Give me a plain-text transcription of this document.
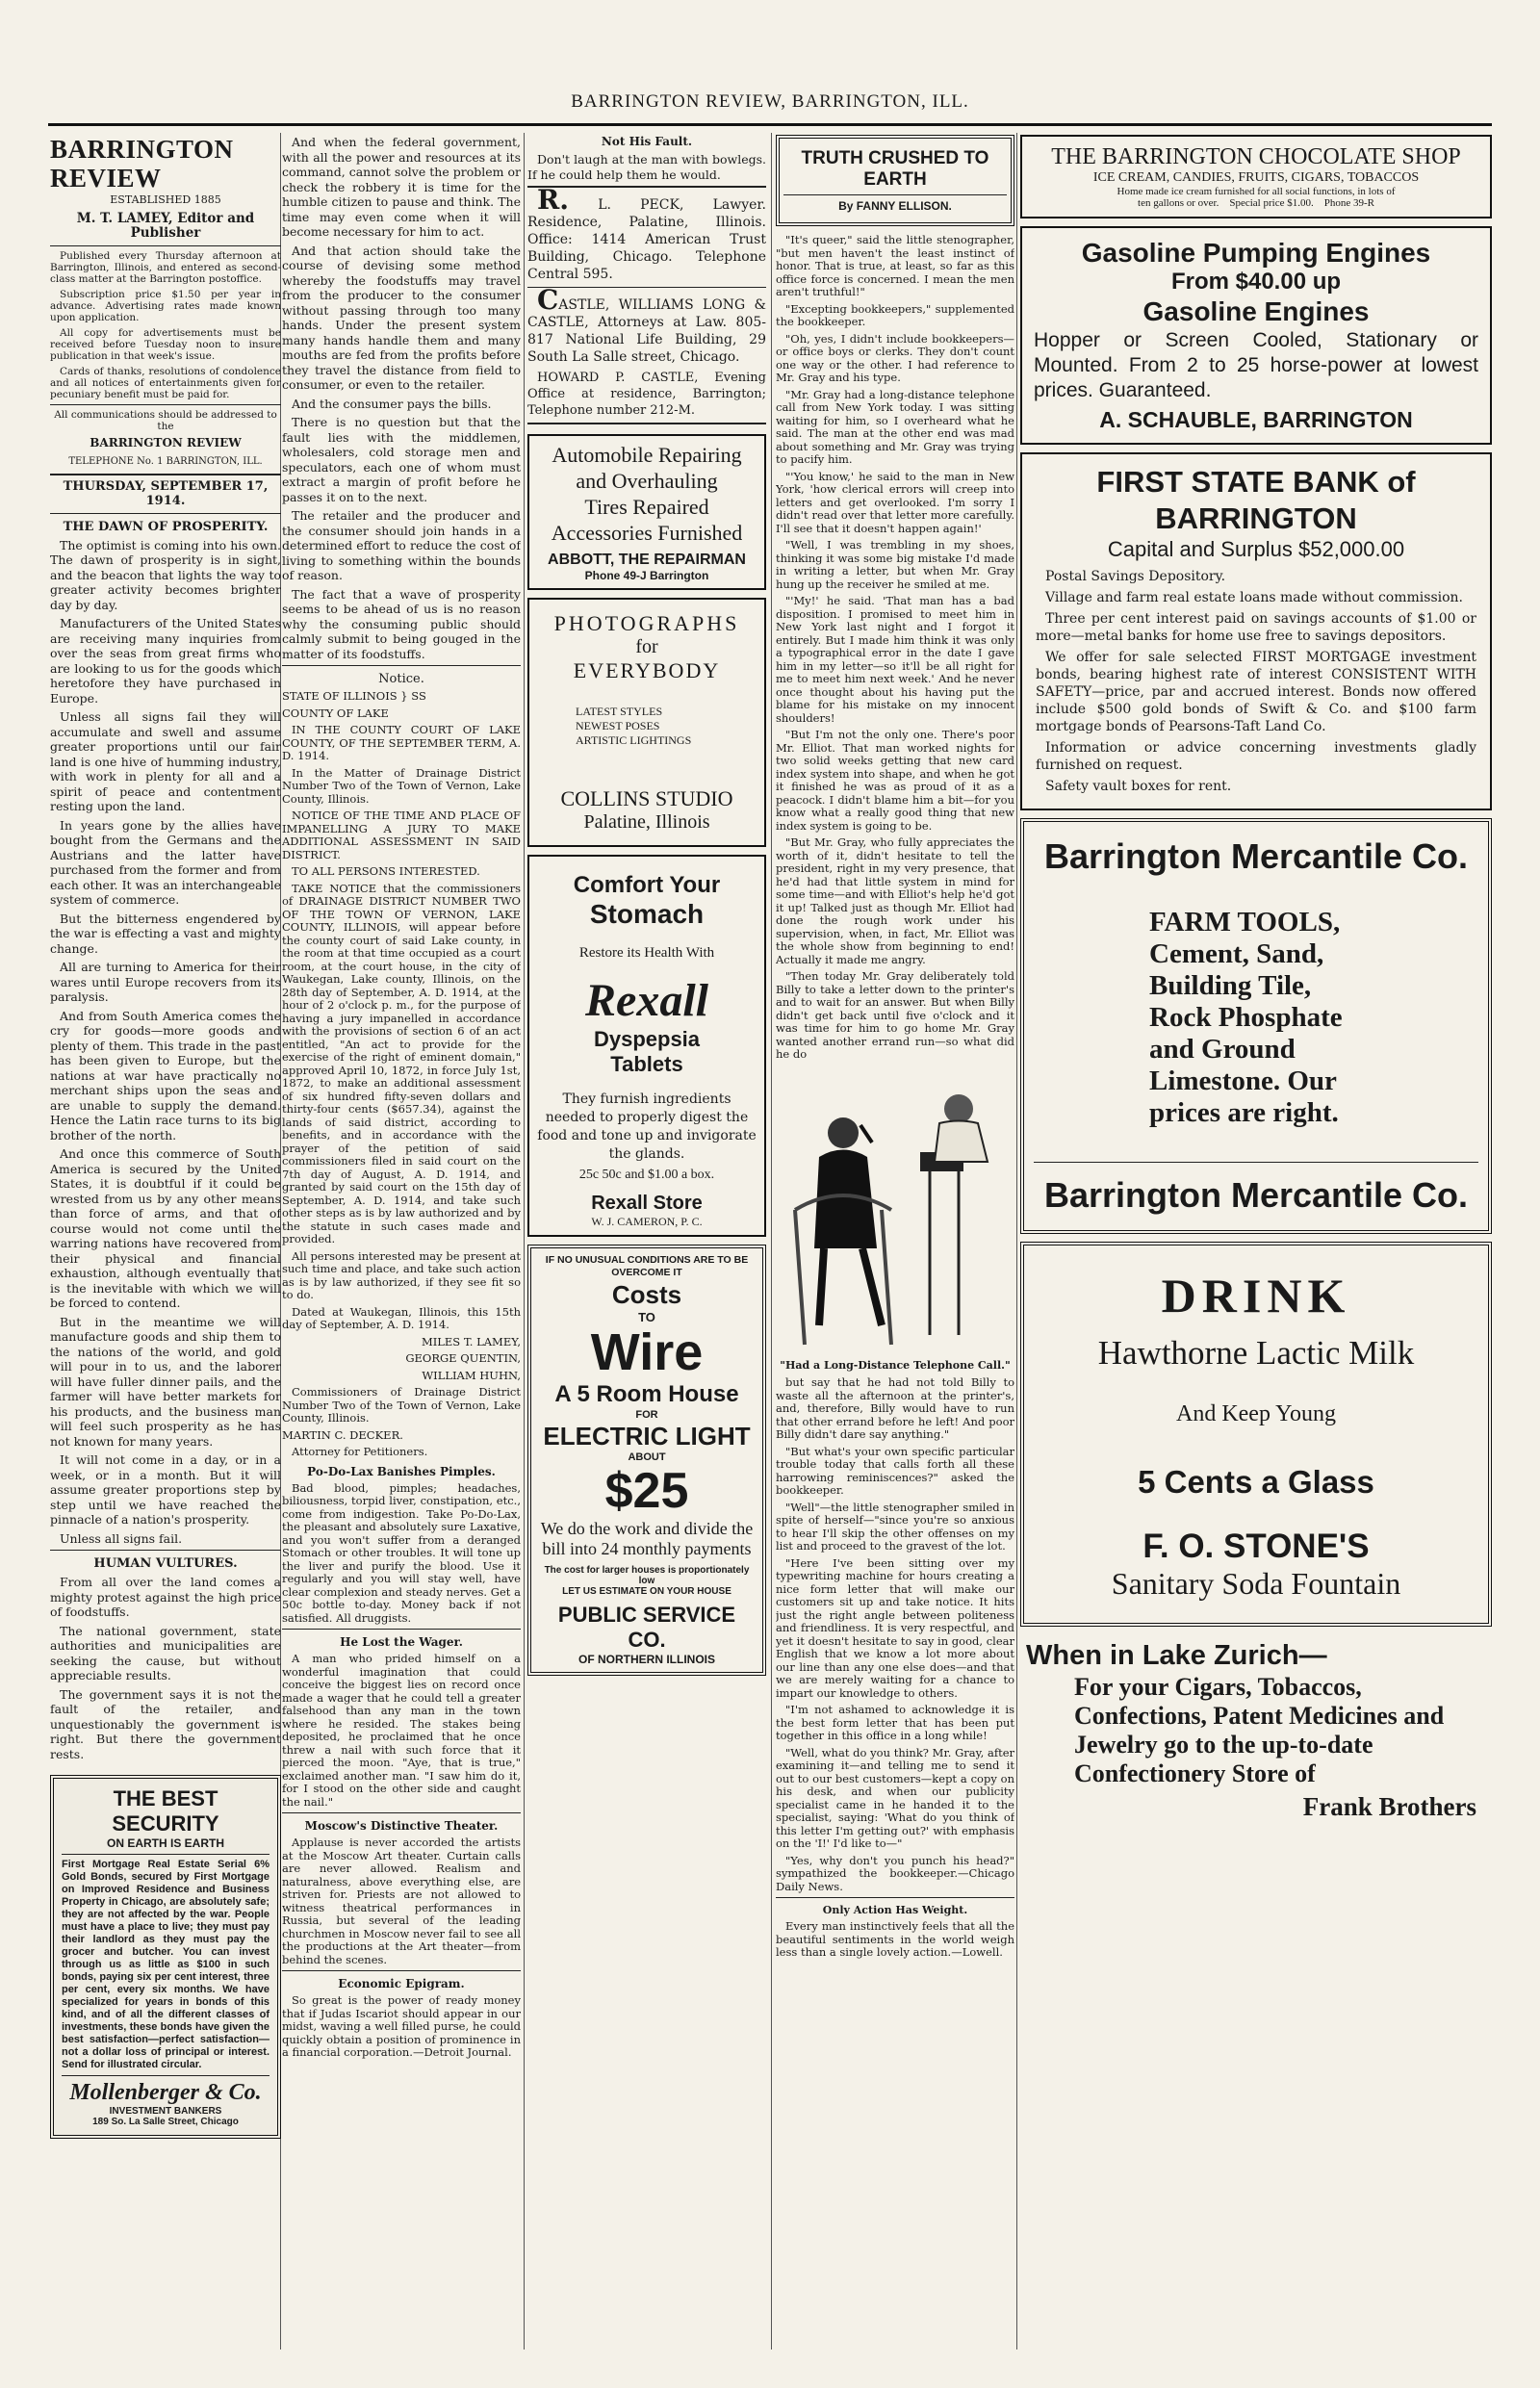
BARRINGTON REVIEW, BARRINGTON, ILL.
BARRINGTON REVIEW

ESTABLISHED 1885

M. T. LAMEY, Editor and Publisher

Published every Thursday afternoon at Barrington, Illinois, and entered as second-class matter at the Barrington postoffice.

Subscription price $1.50 per year in advance. Advertising rates made known upon application.

All copy for advertisements must be received before Tuesday noon to insure publication in that week's issue.

Cards of thanks, resolutions of condolence and all notices of entertainments given for pecuniary benefit must be paid for.

All communications should be addressed to the

BARRINGTON REVIEW

TELEPHONE No. 1 BARRINGTON, ILL.

THURSDAY, SEPTEMBER 17, 1914.

THE DAWN OF PROSPERITY.

The optimist is coming into his own. The dawn of prosperity is in sight, and the beacon that lights the way to greater activity becomes brighter day by day.

Manufacturers of the United States are receiving many inquiries from over the seas from great firms who are looking to us for the goods which heretofore they have purchased in Europe.

Unless all signs fail they will accumulate and swell and assume greater proportions until our fair land is one hive of humming industry, with work in plenty for all and a spirit of peace and contentment resting upon the land.

In years gone by the allies have bought from the Germans and the Austrians and the latter have purchased from the former and from each other. It was an interchangeable system of commerce.

But the bitterness engendered by the war is effecting a vast and mighty change.

All are turning to America for their wares until Europe recovers from its paralysis.

And from South America comes the cry for goods—more goods and plenty of them. This trade in the past has been given to Europe, but the nations at war have practically no merchant ships upon the seas and are unable to supply the demand. Hence the Latin race turns to its big brother of the north.

And once this commerce of South America is secured by the United States, it is doubtful if it could be wrested from us by any other means than force of arms, and that of course would not come until the warring nations have recovered from their physical and financial exhaustion, although eventually that is the inevitable with which we will be forced to contend.

But in the meantime we will manufacture goods and ship them to the nations of the world, and gold will pour in to us, and the laborer will have fuller dinner pails, and the farmer will have better markets for his products, and the business man will feel such prosperity as he has not known for many years.

It will not come in a day, or in a week, or in a month. But it will assume greater proportions step by step until we have reached the pinnacle of a nation's prosperity.

Unless all signs fail.

HUMAN VULTURES.

From all over the land comes a mighty protest against the high price of foodstuffs.

The national government, state authorities and municipalities are seeking the cause, but without appreciable results.

The government says it is not the fault of the retailer, and unquestionably the government is right. But there the government rests.

THE BEST SECURITY
ON EARTH IS EARTH

First Mortgage Real Estate Serial 6% Gold Bonds, secured by First Mortgage on Improved Residence and Business Property in Chicago, are absolutely safe; they are not affected by the war. People must have a place to live; they must pay their landlord as they must pay the grocer and butcher. You can invest through us as little as $100 in such bonds, paying six per cent interest, three per cent, every six months. We have specialized for years in bonds of this kind, and of all the different classes of investments, these bonds have given the best satisfaction—perfect satisfaction—not a dollar loss of principal or interest. Send for illustrated circular.

Mollenberger & Co.
INVESTMENT BANKERS
189 So. La Salle Street, Chicago

And when the federal government, with all the power and resources at its command, cannot solve the problem or check the robbery it is time for the humble citizen to pause and think. The time may even come when it will become necessary for him to act.

And that action should take the course of devising some method whereby the foodstuffs may travel from the producer to the consumer without passing through too many hands. Under the present system many hands handle them and many mouths are fed from the profits before they travel the distance from field to consumer, or even to the retailer.

And the consumer pays the bills.

There is no question but that the fault lies with the middlemen, wholesalers, cold storage men and speculators, each one of whom must extract a margin of profit before he passes it on to the next.

The retailer and the producer and the consumer should join hands in a determined effort to reduce the cost of living to something within the bounds of reason.

The fact that a wave of prosperity seems to be ahead of us is no reason why the consuming public should calmly submit to being gouged in the matter of its foodstuffs.

Notice.

STATE OF ILLINOIS } SS

COUNTY OF LAKE

IN THE COUNTY COURT OF LAKE COUNTY, OF THE SEPTEMBER TERM, A. D. 1914.

In the Matter of Drainage District Number Two of the Town of Vernon, Lake County, Illinois.

NOTICE OF THE TIME AND PLACE OF IMPANELLING A JURY TO MAKE ADDITIONAL ASSESSMENT IN SAID DISTRICT.

TO ALL PERSONS INTERESTED.

TAKE NOTICE that the commissioners of DRAINAGE DISTRICT NUMBER TWO OF THE TOWN OF VERNON, LAKE COUNTY, ILLINOIS, will appear before the county court of said Lake county, in the room at that time occupied as a court room, at the court house, in the city of Waukegan, Lake county, Illinois, on the 28th day of September, A. D. 1914, at the hour of 2 o'clock p. m., for the purpose of having a jury impanelled in accordance with the provisions of section 6 of an act entitled, "An act to provide for the exercise of the right of eminent domain," approved April 10, 1872, in force July 1st, 1872, to make an additional assessment of six hundred fifty-seven dollars and thirty-four cents ($657.34), against the lands of said district, according to benefits, and in accordance with the prayer of the petition of said commissioners filed in said court on the 7th day of August, A. D. 1914, and granted by said court on the 15th day of September, A. D. 1914, and take such other steps as is by law authorized and by the statute in such cases made and provided.

All persons interested may be present at such time and place, and take such action as is by law authorized, if they see fit so to do.

Dated at Waukegan, Illinois, this 15th day of September, A. D. 1914.

MILES T. LAMEY,

GEORGE QUENTIN,

WILLIAM HUHN,

Commissioners of Drainage District Number Two of the Town of Vernon, Lake County, Illinois.

MARTIN C. DECKER.

Attorney for Petitioners.

Po-Do-Lax Banishes Pimples.

Bad blood, pimples; headaches, biliousness, torpid liver, constipation, etc., come from indigestion. Take Po-Do-Lax, the pleasant and absolutely sure Laxative, and you won't suffer from a deranged Stomach or other troubles. It will tone up the liver and purify the blood. Use it regularly and you will stay well, have clear complexion and steady nerves. Get a 50c bottle to-day. Money back if not satisfied. All druggists.

He Lost the Wager.

A man who prided himself on a wonderful imagination that could conceive the biggest lies on record once made a wager that he could tell a greater falsehood than any man in the town where he resided. The stakes being deposited, he proclaimed that he once threw a nail with such force that it pierced the moon. "Aye, that is true," exclaimed another man. "I saw him do it, for I stood on the other side and caught the nail."

Moscow's Distinctive Theater.

Applause is never accorded the artists at the Moscow Art theater. Curtain calls are never allowed. Realism and naturalness, above everything else, are striven for. Priests are not allowed to witness theatrical performances in Russia, but several of the leading churchmen in Moscow never fail to see all the productions at the Art theater—from behind the scenes.

Economic Epigram.

So great is the power of ready money that if Judas Iscariot should appear in our midst, waving a well filled purse, he could quickly obtain a position of prominence in a financial corporation.—Detroit Journal.

Not His Fault.

Don't laugh at the man with bowlegs. If he could help them he would.

R. L. PECK, Lawyer. Residence, Palatine, Illinois. Office: 1414 American Trust Building, Chicago. Telephone Central 595.

CASTLE, WILLIAMS LONG & CASTLE, Attorneys at Law. 805-817 National Life Building, 29 South La Salle street, Chicago.

HOWARD P. CASTLE, Evening Office at residence, Barrington; Telephone number 212-M.

Automobile Repairing and Overhauling
Tires Repaired
Accessories Furnished
ABBOTT, THE REPAIRMAN
Phone 49-J Barrington
PHOTOGRAPHS
for
EVERYBODY
LATEST STYLES
NEWEST POSES
ARTISTIC LIGHTINGS
COLLINS STUDIO
Palatine, Illinois
Comfort Your
Stomach
Restore its Health With
Rexall
Dyspepsia
Tablets

They furnish ingredients needed to properly digest the food and tone up and invigorate the glands.

25c 50c and $1.00 a box.
Rexall Store
W. J. CAMERON, P. C.
IF NO UNUSUAL CONDITIONS ARE TO BE OVERCOME IT
Costs
TO
Wire
A 5 Room House
FOR
ELECTRIC LIGHT
ABOUT
$25
We do the work and divide the bill into 24 monthly payments
The cost for larger houses is proportionately low
LET US ESTIMATE ON YOUR HOUSE
PUBLIC SERVICE CO.
OF NORTHERN ILLINOIS
TRUTH CRUSHED TO EARTH
By FANNY ELLISON.

"It's queer," said the little stenographer, "but men haven't the least instinct of honor. That is true, at least, so far as this office force is concerned. I mean the men aren't truthful!"

"Excepting bookkeepers," supplemented the bookkeeper.

"Oh, yes, I didn't include bookkeepers—or office boys or clerks. They don't count one way or the other. I had reference to Mr. Gray and his type.

"Mr. Gray had a long-distance telephone call from New York today. I was sitting waiting for him, so I overheard what he said. The man at the other end was mad about something and Mr. Gray was trying to pacify him.

"'You know,' he said to the man in New York, 'how clerical errors will creep into letters and get overlooked. I'm sorry I didn't read over that letter more carefully. I'll see that it doesn't happen again!'

"Well, I was trembling in my shoes, thinking it was some big mistake I'd made in writing a letter, but when Mr. Gray hung up the receiver he smiled at me.

"'My!' he said. 'That man has a bad disposition. I promised to meet him in New York last night and I forgot it entirely. But I made him think it was only a typographical error in the date I gave him in my letter—so it'll be all right for me to meet him next week.' And he never once thought about his having put the blame for his mistake on my innocent shoulders!

"But I'm not the only one. There's poor Mr. Elliot. That man worked nights for two solid weeks getting that new card index system into shape, and when he got it finished he was as proud of it as a peacock. I didn't blame him a bit—for you know what a really good thing that new index system is going to be.

"But Mr. Gray, who fully appreciates the worth of it, didn't hesitate to tell the president, right in my very presence, that he'd had that little system in mind for some time—and with Elliot's help he'd got it up! Talked just as though Mr. Elliot had done the rough work under his supervision, when, in fact, Mr. Elliot was the whole show from beginning to end! Actually it made me angry.

"Then today Mr. Gray deliberately told Billy to take a letter down to the printer's and to wait for an answer. But when Billy didn't get back until five o'clock and it was time for him to go home Mr. Gray wanted another errand run—so what did he do

"Had a Long-Distance Telephone Call."

but say that he had not told Billy to waste all the afternoon at the printer's, and, therefore, Billy would have to run that other errand before he left! And poor Billy didn't dare say anything."

"But what's your own specific particular trouble today that calls forth all these harrowing reminiscences?" asked the bookkeeper.

"Well"—the little stenographer smiled in spite of herself—"since you're so anxious to hear I'll skip the other offenses on my list and proceed to the gravest of the lot.

"Here I've been sitting over my typewriting machine for hours creating a nice form letter that will make our customers sit up and take notice. It hits just the right angle between politeness and friendliness. It is very respectful, and yet it doesn't hesitate to say in good, clear English that we know a lot more about our line than any one else does—and that we are merely waiting for a chance to impart our knowledge to others.

"I'm not ashamed to acknowledge it is the best form letter that has been put together in this office in a long while!

"Well, what do you think? Mr. Gray, after examining it—and telling me to send it out to our best customers—kept a copy on his desk, and when our publicity specialist came in he handed it to the specialist, saying: 'What do you think of this letter I'm getting out?' with emphasis on the 'I!' I'd like to—"

"Yes, why don't you punch his head?" sympathized the bookkeeper.—Chicago Daily News.

Only Action Has Weight.

Every man instinctively feels that all the beautiful sentiments in the world weigh less than a single lovely action.—Lowell.

THE BARRINGTON CHOCOLATE SHOP
ICE CREAM, CANDIES, FRUITS, CIGARS, TOBACCOS
Home made ice cream furnished for all social functions, in lots of
ten gallons or over. Special price $1.00. Phone 39-R
Gasoline Pumping Engines
From $40.00 up
Gasoline Engines

Hopper or Screen Cooled, Stationary or Mounted. From 2 to 25 horse-power at lowest prices. Guaranteed.

A. SCHAUBLE, BARRINGTON
FIRST STATE BANK of BARRINGTON
Capital and Surplus $52,000.00

Postal Savings Depository.

Village and farm real estate loans made without commission.

Three per cent interest paid on savings accounts of $1.00 or more—metal banks for home use free to savings depositors.

We offer for sale selected FIRST MORTGAGE investment bonds, bearing highest rate of interest CONSISTENT WITH SAFETY—price, par and accrued interest. Bonds now offered include $500 gold bonds of Swift & Co. and $100 farm mortgage bonds of Pearsons-Taft Land Co.

Information or advice concerning investments gladly furnished on request.

Safety vault boxes for rent.

Barrington Mercantile Co.
FARM TOOLS,
Cement, Sand,
Building Tile,
Rock Phosphate
and Ground
Limestone. Our
prices are right.
Barrington Mercantile Co.
DRINK
Hawthorne Lactic Milk
And Keep Young
5 Cents a Glass
F. O. STONE'S
Sanitary Soda Fountain
When in Lake Zurich—

For your Cigars, Tobaccos, Confections, Patent Medicines and Jewelry go to the up-to-date Confectionery Store of

Frank Brothers
